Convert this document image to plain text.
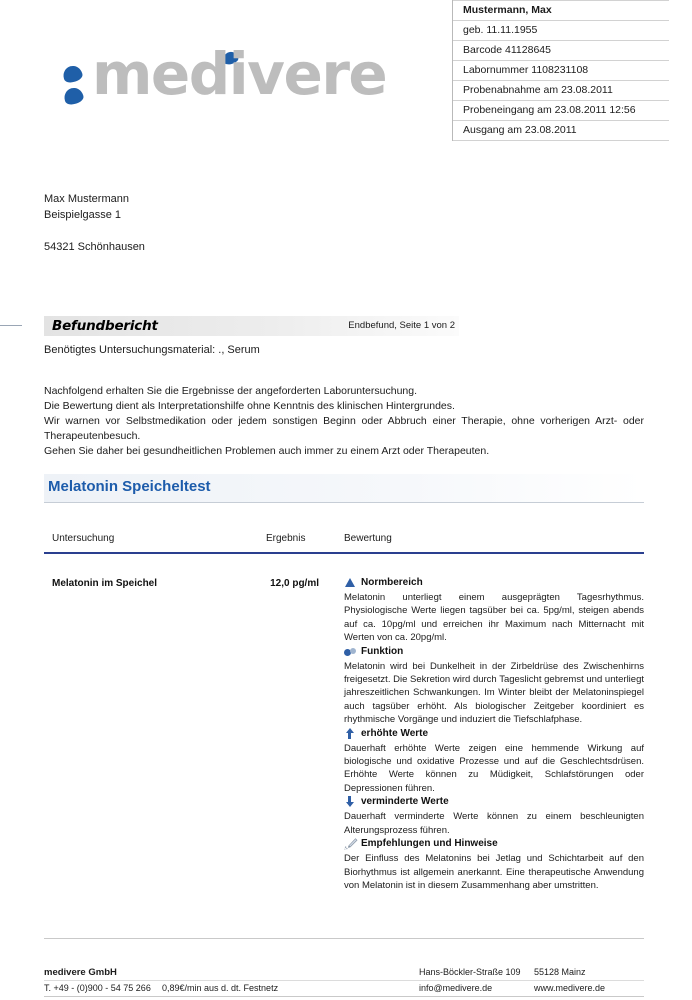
Mustermann, Max
geb. 11.11.1955
Barcode 41128645
Labornummer 1108231108
Probenabnahme am 23.08.2011
Probeneingang am 23.08.2011 12:56
Ausgang am 23.08.2011
medivere
Max Mustermann
Beispielgasse 1
54321 Schönhausen
Befundbericht	Endbefund, Seite 1 von 2
Benötigtes Untersuchungsmaterial: ., Serum
Nachfolgend erhalten Sie die Ergebnisse der angeforderten Laboruntersuchung.
Die Bewertung dient als Interpretationshilfe ohne Kenntnis des klinischen Hintergrundes.
Wir warnen vor Selbstmedikation oder jedem sonstigen Beginn oder Abbruch einer Therapie, ohne vorherigen Arzt- oder Therapeutenbesuch.
Gehen Sie daher bei gesundheitlichen Problemen auch immer zu einem Arzt oder Therapeuten.
Melatonin Speicheltest
Untersuchung	Ergebnis	Bewertung
Melatonin im Speichel	12,0 pg/ml	Normbereich
Melatonin unterliegt einem ausgeprägten Tagesrhythmus. Physiologische Werte liegen tagsüber bei ca. 5pg/ml, steigen abends auf ca. 10pg/ml und erreichen ihr Maximum nach Mitternacht mit Werten von ca. 20pg/ml.
Funktion
Melatonin wird bei Dunkelheit in der Zirbeldrüse des Zwischenhirns freigesetzt. Die Sekretion wird durch Tageslicht gebremst und unterliegt jahreszeitlichen Schwankungen. Im Winter bleibt der Melatoninspiegel auch tagsüber erhöht. Als biologischer Zeitgeber koordiniert es rhythmische Vorgänge und induziert die Tiefschlafphase.
erhöhte Werte
Dauerhaft erhöhte Werte zeigen eine hemmende Wirkung auf biologische und oxidative Prozesse und auf die Geschlechtsdrüsen. Erhöhte Werte können zu Müdigkeit, Schlafstörungen oder Depressionen führen.
verminderte Werte
Dauerhaft verminderte Werte können zu einem beschleunigten Alterungsprozess führen.
Empfehlungen und Hinweise
Der Einfluss des Melatonins bei Jetlag und Schichtarbeit auf den Biorhythmus ist allgemein anerkannt. Eine therapeutische Anwendung von Melatonin ist in diesem Zusammenhang aber umstritten.
medivere GmbH	Hans-Böckler-Straße 109 55128 Mainz
T. +49 - (0)900 - 54 75 266 0,89€/min aus d. dt. Festnetz	info@medivere.de	www.medivere.de
